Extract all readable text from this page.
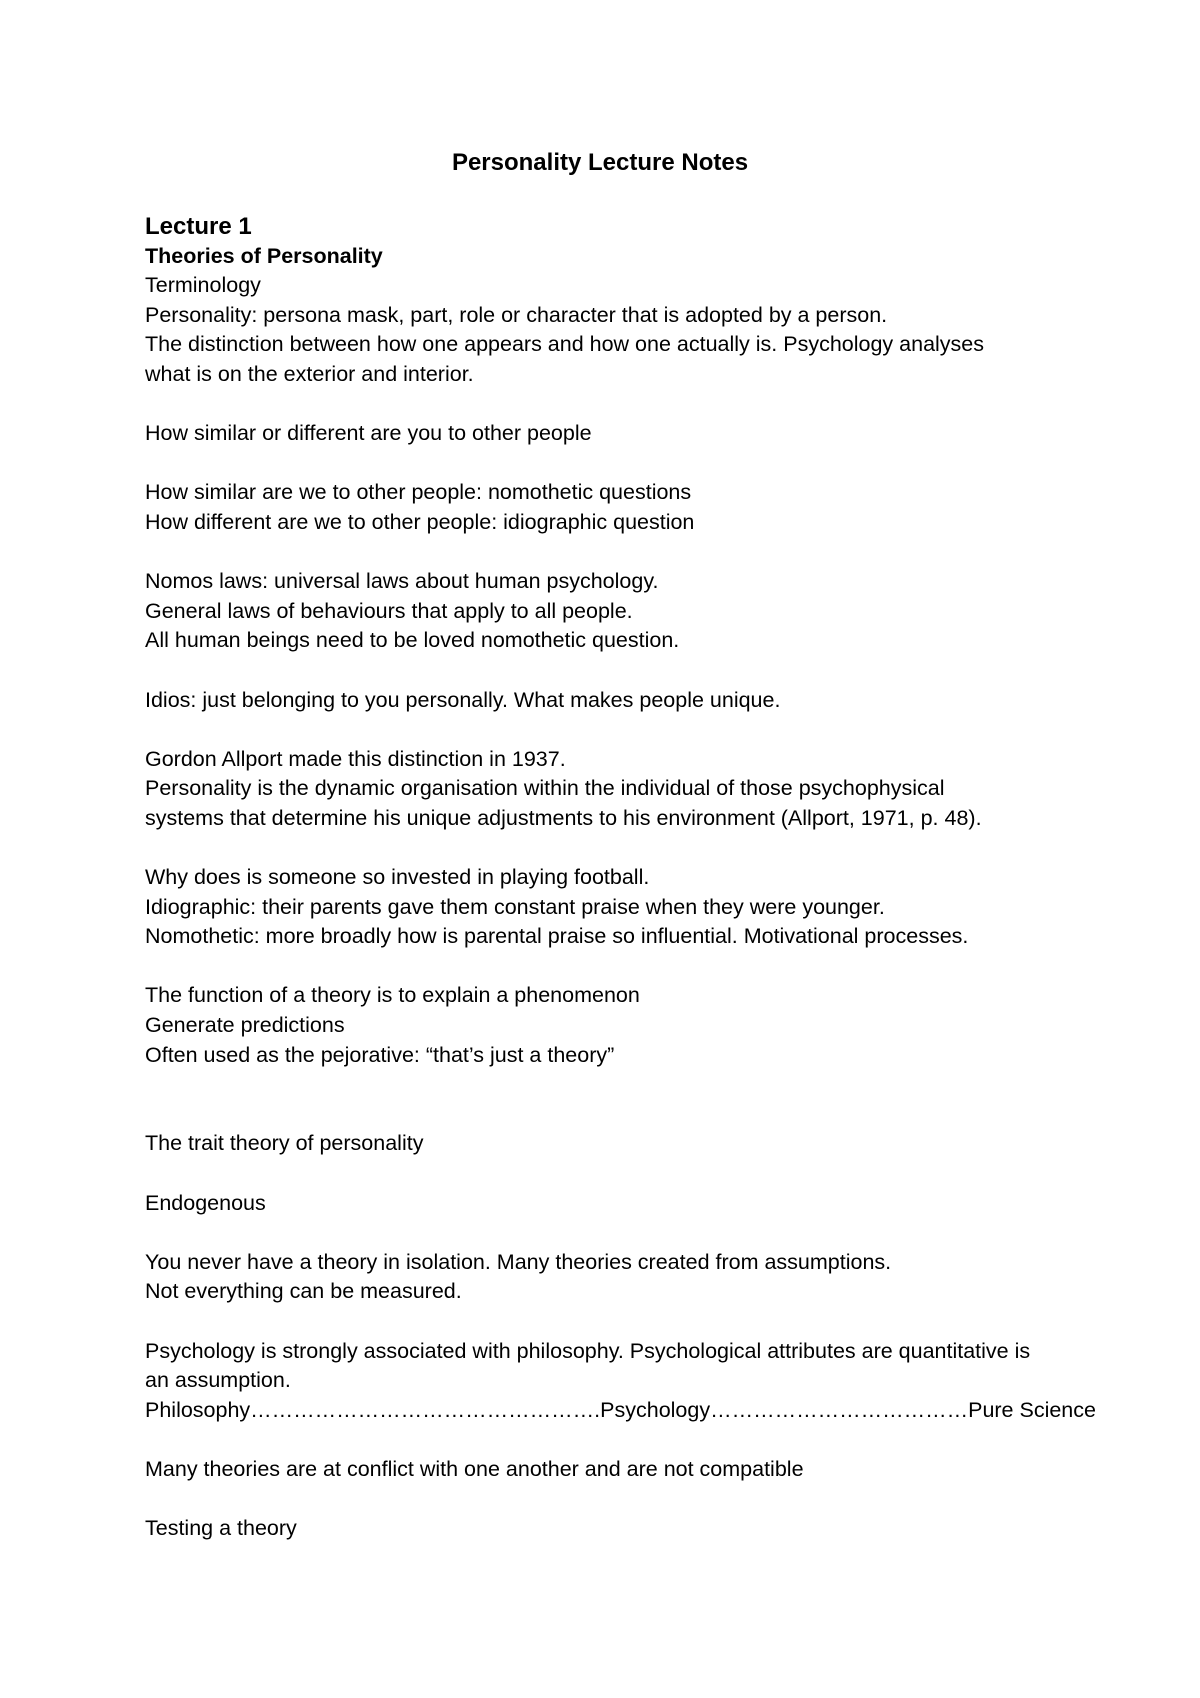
Personality Lecture Notes

Lecture 1

Theories of Personality

Terminology

Personality: persona mask, part, role or character that is adopted by a person.

The distinction between how one appears and how one actually is. Psychology analyses

what is on the exterior and interior.

How similar or different are you to other people

How similar are we to other people: nomothetic questions

How different are we to other people: idiographic question

Nomos laws: universal laws about human psychology.

General laws of behaviours that apply to all people.

All human beings need to be loved nomothetic question.

Idios: just belonging to you personally. What makes people unique.

Gordon Allport made this distinction in 1937.

Personality is the dynamic organisation within the individual of those psychophysical

systems that determine his unique adjustments to his environment (Allport, 1971, p. 48).

Why does is someone so invested in playing football.

Idiographic: their parents gave them constant praise when they were younger.

Nomothetic: more broadly how is parental praise so influential. Motivational processes.

The function of a theory is to explain a phenomenon

Generate predictions

Often used as the pejorative: “that’s just a theory”

The trait theory of personality

Endogenous

You never have a theory in isolation. Many theories created from assumptions.

Not everything can be measured.

Psychology is strongly associated with philosophy. Psychological attributes are quantitative is

an assumption.

Philosophy………………………………………….Psychology………………………………Pure Science

Many theories are at conflict with one another and are not compatible

Testing a theory
